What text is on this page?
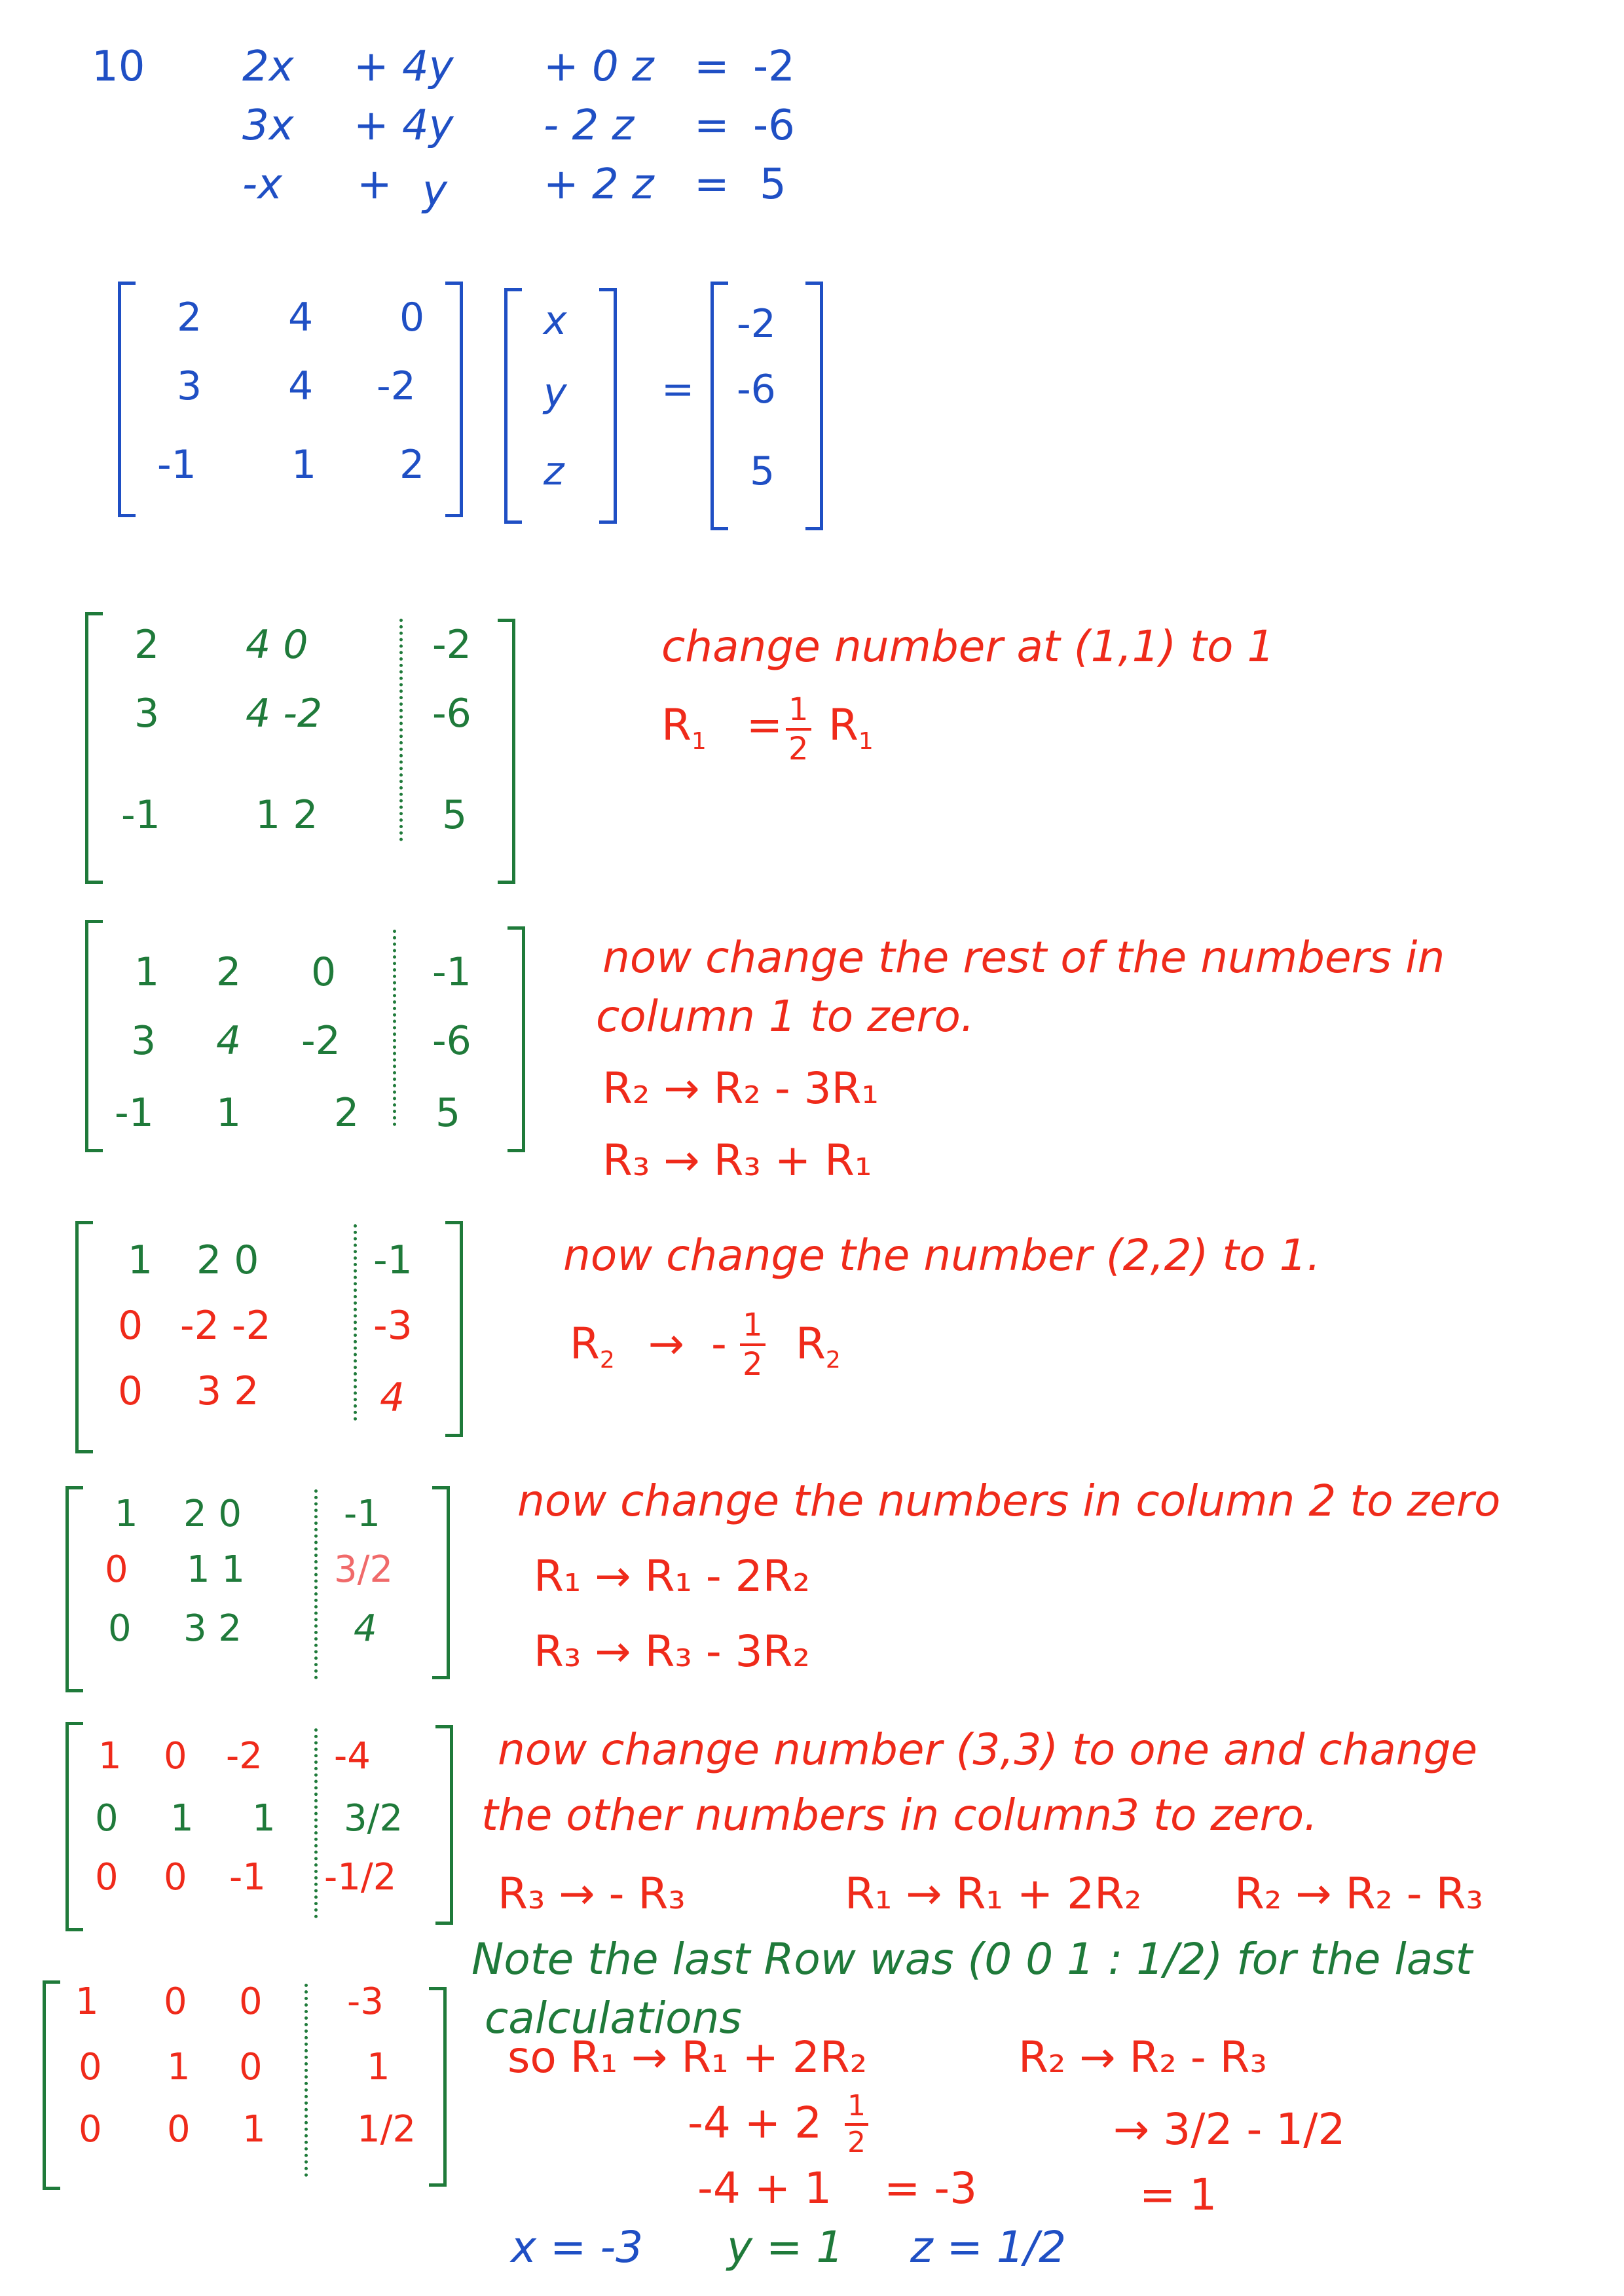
10 2x + 4y + 0 z = -2
3x + 4y - 2 z = -6
-x + y + 2 z = 5
2 4 0
3 4 -2
-1 1 2
x
y
z
=
-2
-6
5
2 4 0	-2
3 4 -2	-6
-1 1 2	5
change number at (1,1) to 1
$R_1 = \frac{1}{2} R_1$
1 2 0 -1
3 4 -2 -6
-1 1 2 5
now change the rest of the numbers in
column 1 to zero.
R₂ → R₂ - 3R₁
R₃ → R₃ + R₁
1 2 0	-1
0 -2 -2	-3
0 3 2	4
now change the number (2,2) to 1.
$R_2$ → - $\frac{1}{2} R_2$
1 2 0	-1
0 1 1 3/2
0 3 2	4
now change the numbers in column 2 to zero
R₁ → R₁ - 2R₂
R₃ → R₃ - 3R₂
1 0 -2 -4
0 1 1 3/2
0 0 -1 -1/2
now change number (3,3) to one and change
the other numbers in column3 to zero.
R₃ → - R₃	R₁ → R₁ + 2R₂ R₂ → R₂ - R₃
Note the last Row was (0 0 1 : 1/2) for the last
calculations
1 0 0 -3
0 1 0	1
0 0 1 1/2
so R₁ → R₁ + 2R₂
$-4 + 2 \frac{1}{2}$
-4 + 1 = -3
R₂ → R₂ - R₃
→ 3/2 - 1/2
= 1
x = -3 y = 1 z = 1/2
